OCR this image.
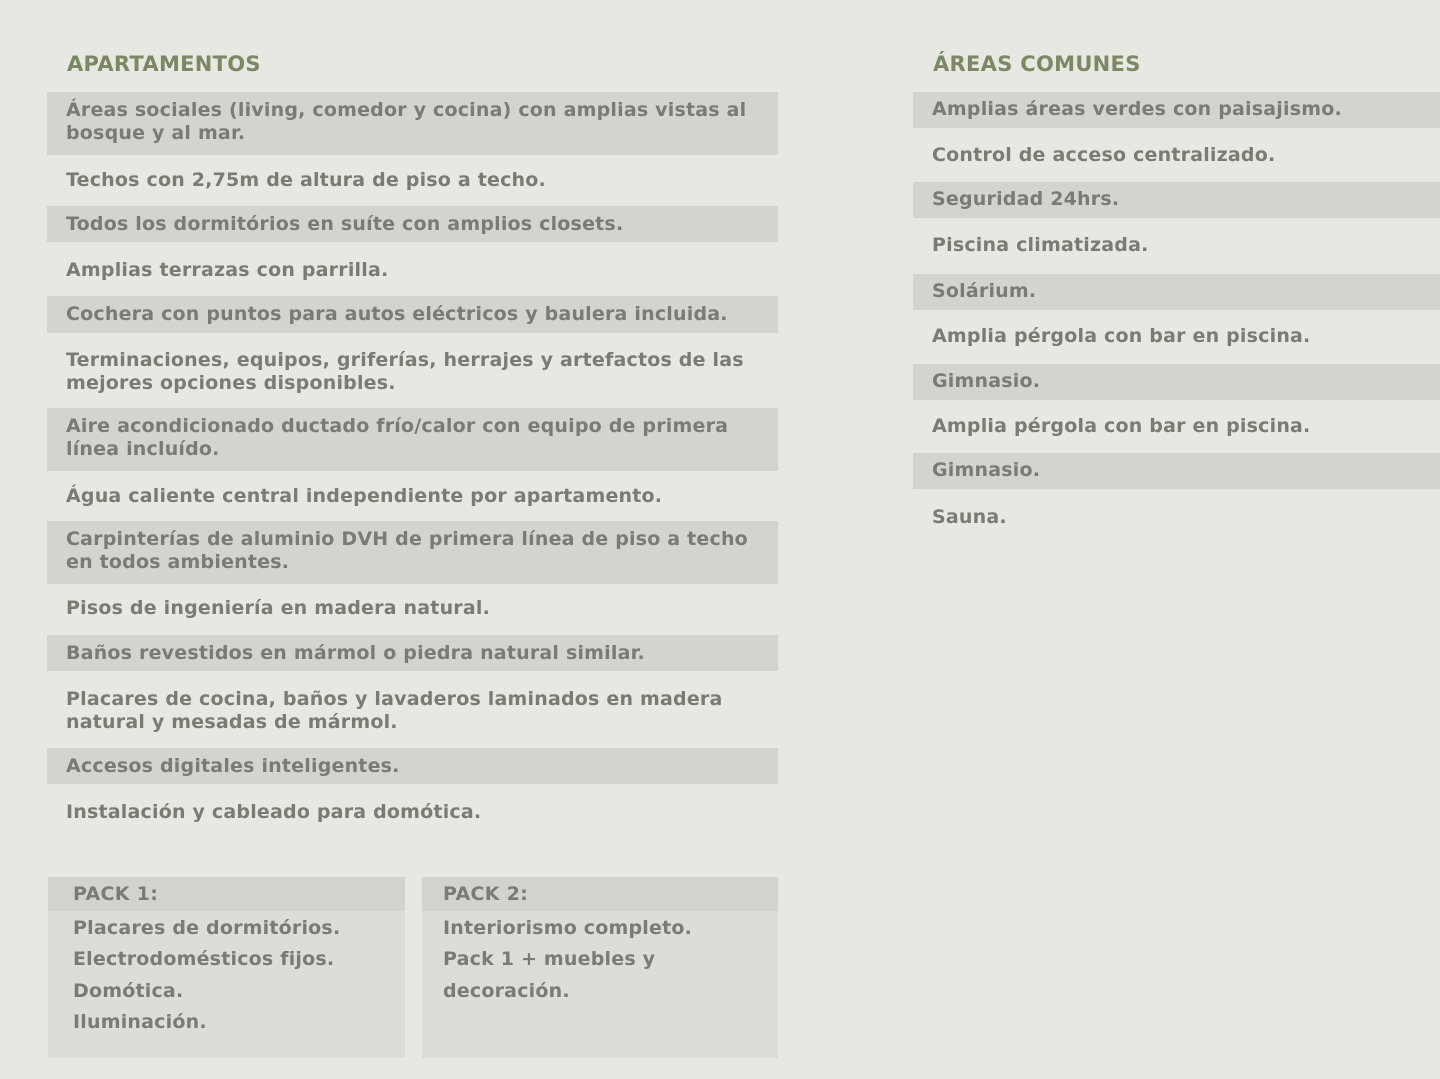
APARTAMENTOS
Áreas sociales (living, comedor y cocina) con amplias vistas al bosque y al mar.
Techos con 2,75m de altura de piso a techo.
Todos los dormitórios en suíte con amplios closets.
Amplias terrazas con parrilla.
Cochera con puntos para autos eléctricos y baulera incluida.
Terminaciones, equipos, griferías, herrajes y artefactos de las mejores opciones disponibles.
Aire acondicionado ductado frío/calor con equipo de primera línea incluído.
Água caliente central independiente por apartamento.
Carpinterías de aluminio DVH de primera línea de piso a techo en todos ambientes.
Pisos de ingeniería en madera natural.
Baños revestidos en mármol o piedra natural similar.
Placares de cocina, baños y lavaderos laminados en madera natural y mesadas de mármol.
Accesos digitales inteligentes.
Instalación y cableado para domótica.
ÁREAS COMUNES
Amplias áreas verdes con paisajismo.
Control de acceso centralizado.
Seguridad 24hrs.
Piscina climatizada.
Solárium.
Amplia pérgola con bar en piscina.
Gimnasio.
Amplia pérgola con bar en piscina.
Gimnasio.
Sauna.
PACK 1:
Placares de dormitórios.
Electrodomésticos fijos.
Domótica.
Iluminación.
PACK 2:
Interiorismo completo.
Pack 1 + muebles y decoración.
